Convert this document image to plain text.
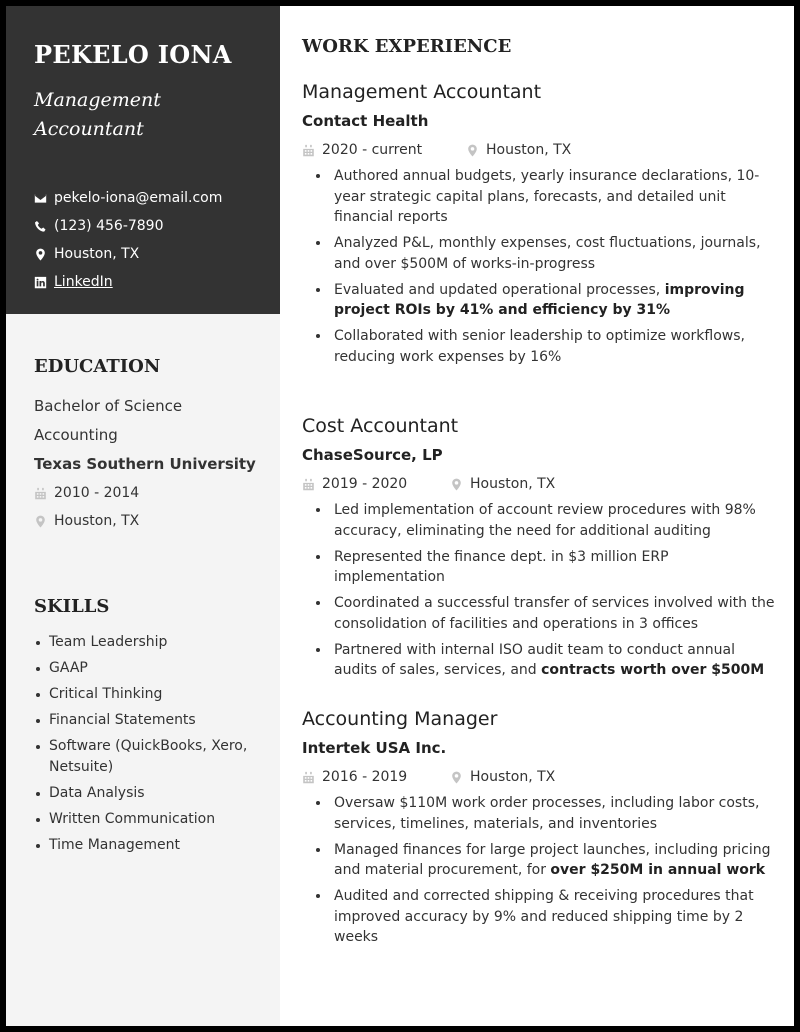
PEKELO IONA
Management Accountant
pekelo-iona@email.com
(123) 456-7890
Houston, TX
LinkedIn
EDUCATION
Bachelor of Science
Accounting
Texas Southern University
2010 - 2014
Houston, TX
SKILLS
Team Leadership
GAAP
Critical Thinking
Financial Statements
Software (QuickBooks, Xero, Netsuite)
Data Analysis
Written Communication
Time Management
WORK EXPERIENCE
Management Accountant
Contact Health
2020 - current	Houston, TX
Authored annual budgets, yearly insurance declarations, 10-year strategic capital plans, forecasts, and detailed unit financial reports
Analyzed P&L, monthly expenses, cost fluctuations, journals, and over $500M of works-in-progress
Evaluated and updated operational processes, improving project ROIs by 41% and efficiency by 31%
Collaborated with senior leadership to optimize workflows, reducing work expenses by 16%
Cost Accountant
ChaseSource, LP
2019 - 2020	Houston, TX
Led implementation of account review procedures with 98% accuracy, eliminating the need for additional auditing
Represented the finance dept. in $3 million ERP implementation
Coordinated a successful transfer of services involved with the consolidation of facilities and operations in 3 offices
Partnered with internal ISO audit team to conduct annual audits of sales, services, and contracts worth over $500M
Accounting Manager
Intertek USA Inc.
2016 - 2019	Houston, TX
Oversaw $110M work order processes, including labor costs, services, timelines, materials, and inventories
Managed finances for large project launches, including pricing and material procurement, for over $250M in annual work
Audited and corrected shipping & receiving procedures that improved accuracy by 9% and reduced shipping time by 2 weeks
